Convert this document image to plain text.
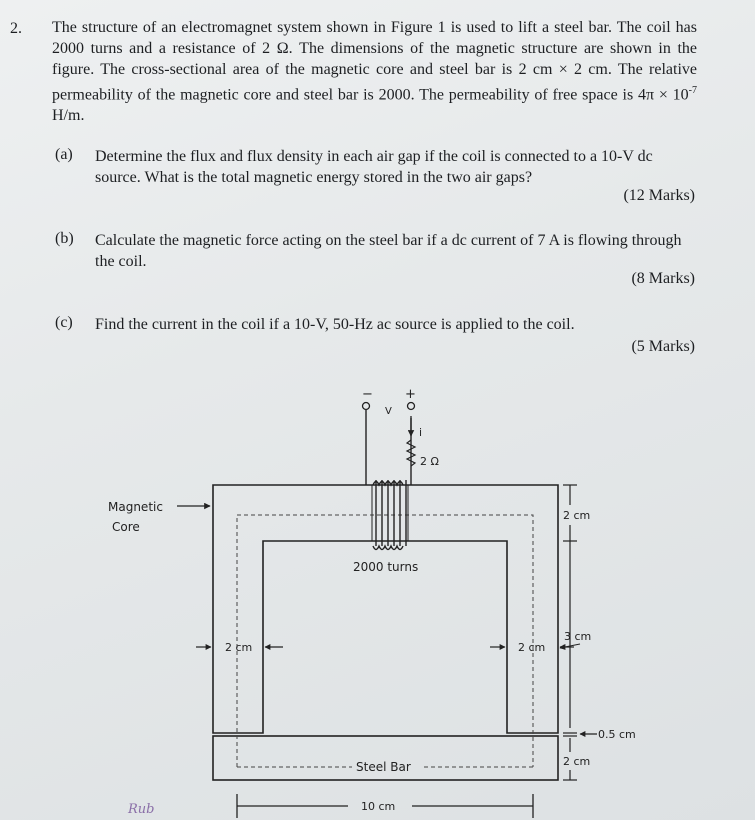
2. The structure of an electromagnet system shown in Figure 1 is used to lift a steel bar. The coil has 2000 turns and a resistance of 2 Ω. The dimensions of the magnetic structure are shown in the figure. The cross-sectional area of the magnetic core and steel bar is 2 cm × 2 cm. The relative permeability of the magnetic core and steel bar is 2000. The permeability of free space is $4\pi \times 10^{-7}$ H/m.
(a) Determine the flux and flux density in each air gap if the coil is connected to a 10-V dc source. What is the total magnetic energy stored in the two air gaps?
(12 Marks)
(b) Calculate the magnetic force acting on the steel bar if a dc current of 7 A is flowing through the coil.
(8 Marks)
(c) Find the current in the coil if a 10-V, 50-Hz ac source is applied to the coil.
(5 Marks)
− +
V
i
2 Ω
Magnetic
Core
2000 turns
2 cm
3 cm
0.5 cm
2 cm
2 cm	2 cm
Steel Bar
10 cm
Rub
